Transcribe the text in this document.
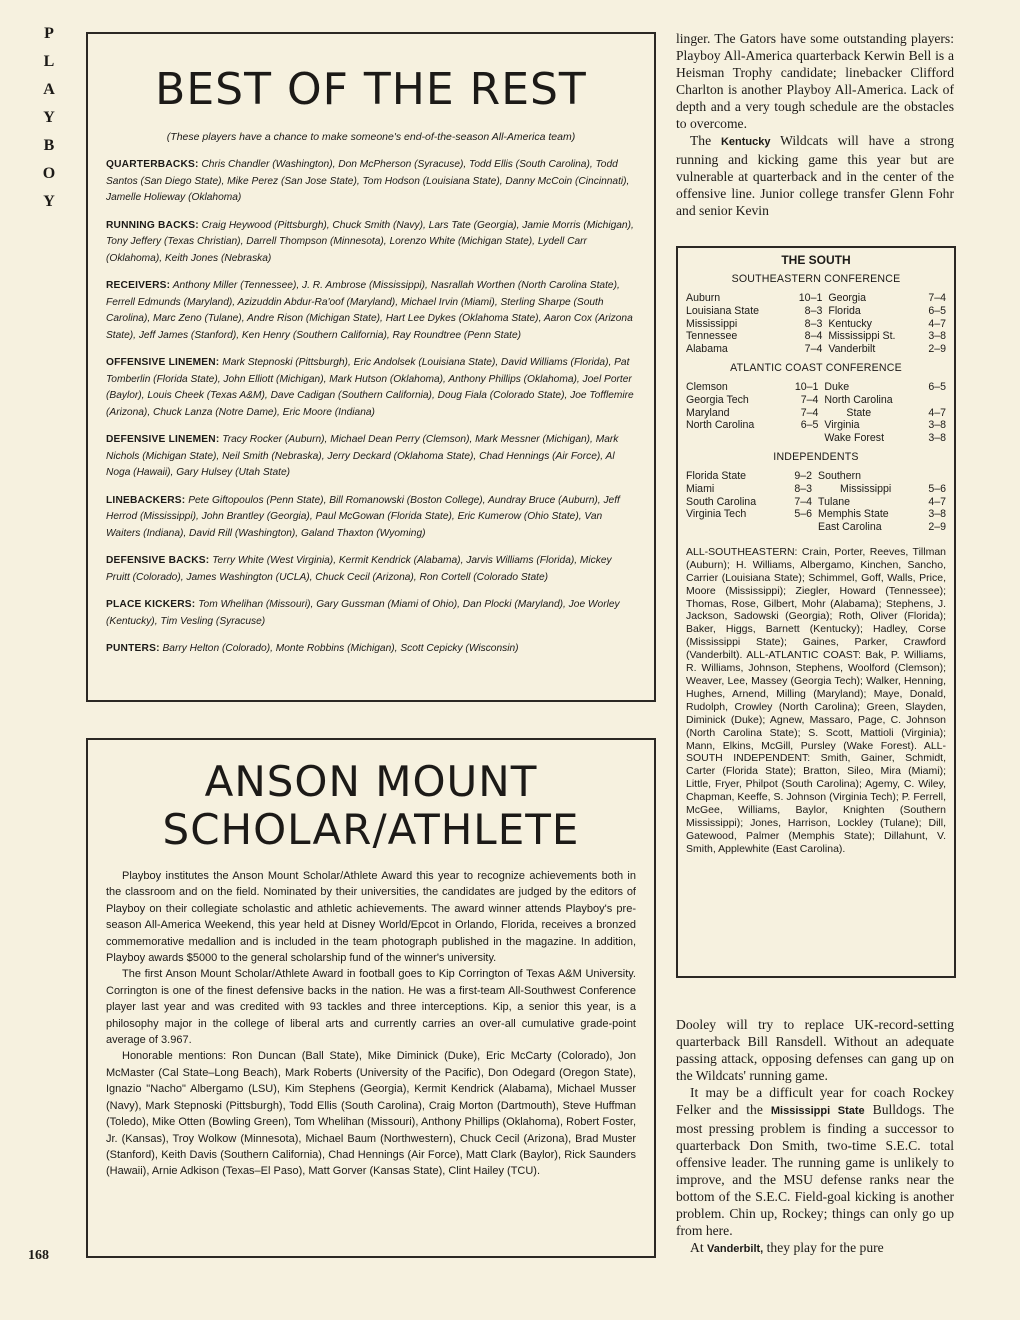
P
L
A
Y
B
O
Y
168
BEST OF THE REST
(These players have a chance to make someone's end-of-the-season All-America team)

QUARTERBACKS: Chris Chandler (Washington), Don McPherson (Syracuse), Todd Ellis (South Carolina), Todd Santos (San Diego State), Mike Perez (San Jose State), Tom Hodson (Louisiana State), Danny McCoin (Cincinnati), Jamelle Holieway (Oklahoma)

RUNNING BACKS: Craig Heywood (Pittsburgh), Chuck Smith (Navy), Lars Tate (Georgia), Jamie Morris (Michigan), Tony Jeffery (Texas Christian), Darrell Thompson (Minnesota), Lorenzo White (Michigan State), Lydell Carr (Oklahoma), Keith Jones (Nebraska)

RECEIVERS: Anthony Miller (Tennessee), J. R. Ambrose (Mississippi), Nasrallah Worthen (North Carolina State), Ferrell Edmunds (Maryland), Azizuddin Abdur-Ra'oof (Maryland), Michael Irvin (Miami), Sterling Sharpe (South Carolina), Marc Zeno (Tulane), Andre Rison (Michigan State), Hart Lee Dykes (Oklahoma State), Aaron Cox (Arizona State), Jeff James (Stanford), Ken Henry (Southern California), Ray Roundtree (Penn State)

OFFENSIVE LINEMEN: Mark Stepnoski (Pittsburgh), Eric Andolsek (Louisiana State), David Williams (Florida), Pat Tomberlin (Florida State), John Elliott (Michigan), Mark Hutson (Oklahoma), Anthony Phillips (Oklahoma), Joel Porter (Baylor), Louis Cheek (Texas A&M), Dave Cadigan (Southern California), Doug Fiala (Colorado State), Joe Tofflemire (Arizona), Chuck Lanza (Notre Dame), Eric Moore (Indiana)

DEFENSIVE LINEMEN: Tracy Rocker (Auburn), Michael Dean Perry (Clemson), Mark Messner (Michigan), Mark Nichols (Michigan State), Neil Smith (Nebraska), Jerry Deckard (Oklahoma State), Chad Hennings (Air Force), Al Noga (Hawaii), Gary Hulsey (Utah State)

LINEBACKERS: Pete Giftopoulos (Penn State), Bill Romanowski (Boston College), Aundray Bruce (Auburn), Jeff Herrod (Mississippi), John Brantley (Georgia), Paul McGowan (Florida State), Eric Kumerow (Ohio State), Van Waiters (Indiana), David Rill (Washington), Galand Thaxton (Wyoming)

DEFENSIVE BACKS: Terry White (West Virginia), Kermit Kendrick (Alabama), Jarvis Williams (Florida), Mickey Pruitt (Colorado), James Washington (UCLA), Chuck Cecil (Arizona), Ron Cortell (Colorado State)

PLACE KICKERS: Tom Whelihan (Missouri), Gary Gussman (Miami of Ohio), Dan Plocki (Maryland), Joe Worley (Kentucky), Tim Vesling (Syracuse)

PUNTERS: Barry Helton (Colorado), Monte Robbins (Michigan), Scott Cepicky (Wisconsin)

ANSON MOUNT
SCHOLAR/ATHLETE

Playboy institutes the Anson Mount Scholar/Athlete Award this year to recognize achievements both in the classroom and on the field. Nominated by their universities, the candidates are judged by the editors of Playboy on their collegiate scholastic and athletic achievements. The award winner attends Playboy's pre-season All-America Weekend, this year held at Disney World/Epcot in Orlando, Florida, receives a bronzed commemorative medallion and is included in the team photograph published in the magazine. In addition, Playboy awards $5000 to the general scholarship fund of the winner's university.

The first Anson Mount Scholar/Athlete Award in football goes to Kip Corrington of Texas A&M University. Corrington is one of the finest defensive backs in the nation. He was a first-team All-Southwest Conference player last year and was credited with 93 tackles and three interceptions. Kip, a senior this year, is a philosophy major in the college of liberal arts and currently carries an over-all cumulative grade-point average of 3.967.

Honorable mentions: Ron Duncan (Ball State), Mike Diminick (Duke), Eric McCarty (Colorado), Jon McMaster (Cal State–Long Beach), Mark Roberts (University of the Pacific), Don Odegard (Oregon State), Ignazio "Nacho" Albergamo (LSU), Kim Stephens (Georgia), Kermit Kendrick (Alabama), Michael Musser (Navy), Mark Stepnoski (Pittsburgh), Todd Ellis (South Carolina), Craig Morton (Dartmouth), Steve Huffman (Toledo), Mike Otten (Bowling Green), Tom Whelihan (Missouri), Anthony Phillips (Oklahoma), Robert Foster, Jr. (Kansas), Troy Wolkow (Minnesota), Michael Baum (Northwestern), Chuck Cecil (Arizona), Brad Muster (Stanford), Keith Davis (Southern California), Chad Hennings (Air Force), Matt Clark (Baylor), Rick Saunders (Hawaii), Arnie Adkison (Texas–El Paso), Matt Gorver (Kansas State), Clint Hailey (TCU).

linger. The Gators have some outstanding players: Playboy All-America quarterback Kerwin Bell is a Heisman Trophy candidate; linebacker Clifford Charlton is another Playboy All-America. Lack of depth and a very tough schedule are the obstacles to overcome.

The Kentucky Wildcats will have a strong running and kicking game this year but are vulnerable at quarterback and in the center of the offensive line. Junior college transfer Glenn Fohr and senior Kevin

THE SOUTH
SOUTHEASTERN CONFERENCE
Auburn	10–1	Georgia	7–4
Louisiana State	8–3	Florida	6–5
Mississippi	8–3	Kentucky	4–7
Tennessee	8–4	Mississippi St.	3–8
Alabama	7–4	Vanderbilt	2–9
ATLANTIC COAST CONFERENCE
Clemson	10–1	Duke	6–5
Georgia Tech	7–4	North Carolina	
Maryland	7–4	State	4–7
North Carolina	6–5	Virginia	3–8
		Wake Forest	3–8
INDEPENDENTS
Florida State	9–2	Southern	
Miami	8–3	Mississippi	5–6
South Carolina	7–4	Tulane	4–7
Virginia Tech	5–6	Memphis State	3–8
		East Carolina	2–9
ALL-SOUTHEASTERN: Crain, Porter, Reeves, Tillman (Auburn); H. Williams, Albergamo, Kinchen, Sancho, Carrier (Louisiana State); Schimmel, Goff, Walls, Price, Moore (Mississippi); Ziegler, Howard (Tennessee); Thomas, Rose, Gilbert, Mohr (Alabama); Stephens, J. Jackson, Sadowski (Georgia); Roth, Oliver (Florida); Baker, Higgs, Barnett (Kentucky); Hadley, Corse (Mississippi State); Gaines, Parker, Crawford (Vanderbilt). ALL-ATLANTIC COAST: Bak, P. Williams, R. Williams, Johnson, Stephens, Woolford (Clemson); Weaver, Lee, Massey (Georgia Tech); Walker, Henning, Hughes, Arnend, Milling (Maryland); Maye, Donald, Rudolph, Crowley (North Carolina); Green, Slayden, Diminick (Duke); Agnew, Massaro, Page, C. Johnson (North Carolina State); S. Scott, Mattioli (Virginia); Mann, Elkins, McGill, Pursley (Wake Forest). ALL-SOUTH INDEPENDENT: Smith, Gainer, Schmidt, Carter (Florida State); Bratton, Sileo, Mira (Miami); Little, Fryer, Philpot (South Carolina); Agemy, C. Wiley, Chapman, Keeffe, S. Johnson (Virginia Tech); P. Ferrell, McGee, Williams, Baylor, Knighten (Southern Mississippi); Jones, Harrison, Lockley (Tulane); Dill, Gatewood, Palmer (Memphis State); Dillahunt, V. Smith, Applewhite (East Carolina).

Dooley will try to replace UK-record-setting quarterback Bill Ransdell. Without an adequate passing attack, opposing defenses can gang up on the Wildcats' running game.

It may be a difficult year for coach Rockey Felker and the Mississippi State Bulldogs. The most pressing problem is finding a successor to quarterback Don Smith, two-time S.E.C. total offensive leader. The running game is unlikely to improve, and the MSU defense ranks near the bottom of the S.E.C. Field-goal kicking is another problem. Chin up, Rockey; things can only go up from here.

At Vanderbilt, they play for the pure
